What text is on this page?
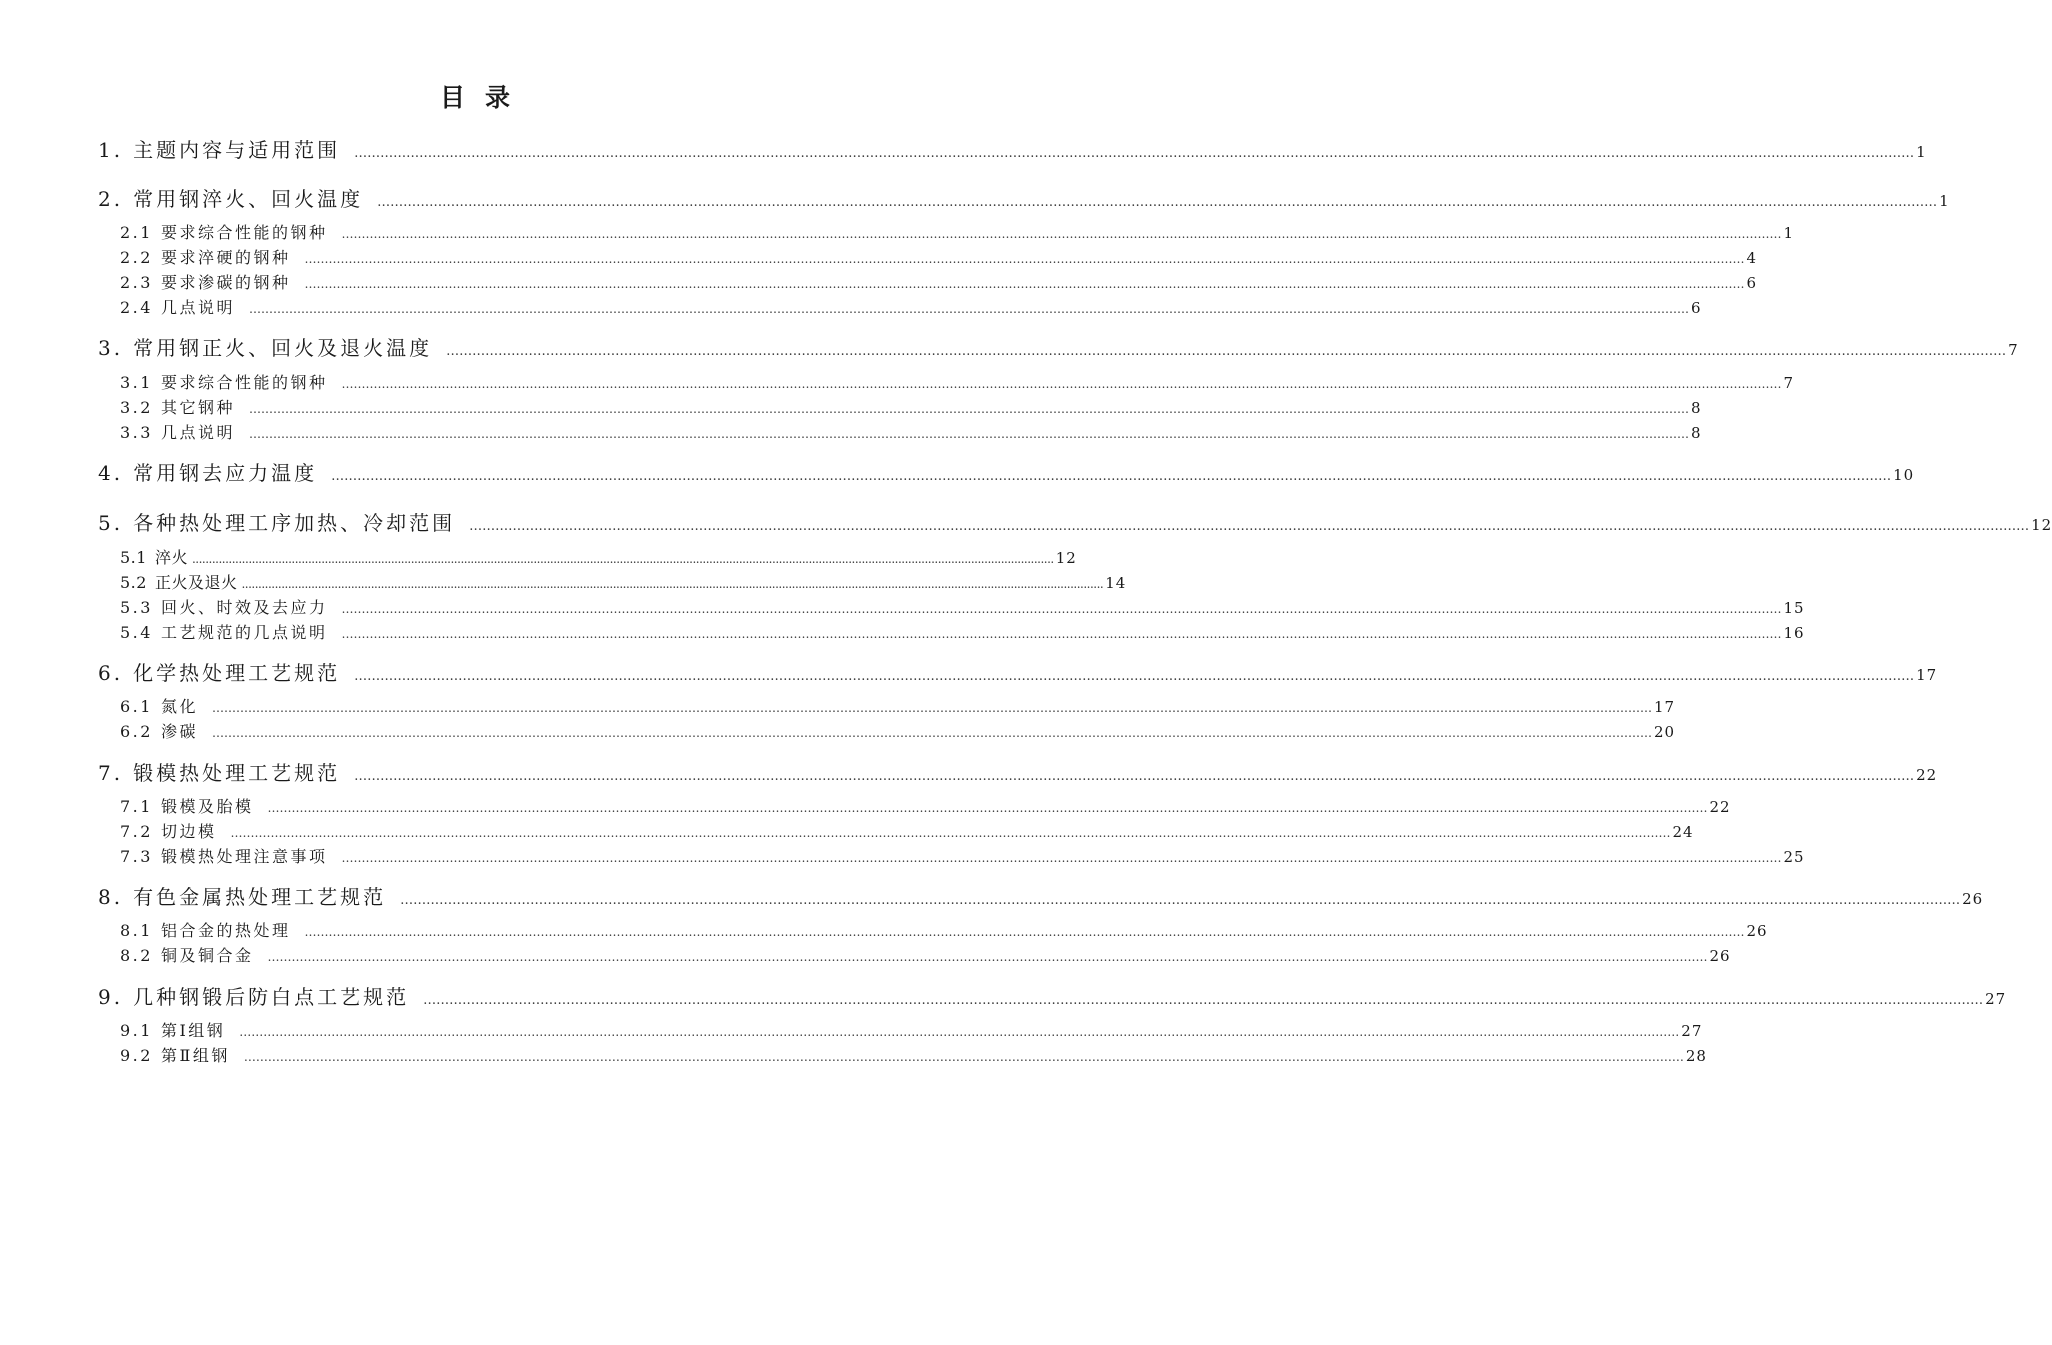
目录
1. 主题内容与适用范围 ……………………………………………………………………………………………………………………………………………………………………………………………………………………………………………………………………………………………………………………………… 1
2. 常用钢淬火、回火温度 ……………………………………………………………………………………………………………………………………………………………………………………………………………………………………………………………………………………………………………………………… 1
2.1 要求综合性能的钢种 ……………………………………………………………………………………………………………………………………………………………………………………………………………………………………………………………………………………………………………………………… 1
2.2 要求淬硬的钢种 ……………………………………………………………………………………………………………………………………………………………………………………………………………………………………………………………………………………………………………………………… 4
2.3 要求渗碳的钢种 ……………………………………………………………………………………………………………………………………………………………………………………………………………………………………………………………………………………………………………………………… 6
2.4 几点说明 ……………………………………………………………………………………………………………………………………………………………………………………………………………………………………………………………………………………………………………………………… 6
3. 常用钢正火、回火及退火温度 ……………………………………………………………………………………………………………………………………………………………………………………………………………………………………………………………………………………………………………………………… 7
3.1 要求综合性能的钢种 ……………………………………………………………………………………………………………………………………………………………………………………………………………………………………………………………………………………………………………………………… 7
3.2 其它钢种 ……………………………………………………………………………………………………………………………………………………………………………………………………………………………………………………………………………………………………………………………… 8
3.3 几点说明 ……………………………………………………………………………………………………………………………………………………………………………………………………………………………………………………………………………………………………………………………… 8
4. 常用钢去应力温度 ……………………………………………………………………………………………………………………………………………………………………………………………………………………………………………………………………………………………………………………………… 10
5. 各种热处理工序加热、冷却范围 ……………………………………………………………………………………………………………………………………………………………………………………………………………………………………………………………………………………………………………………………… 12
5.1 淬火 .................................................................................................................................................................................................................................................................... 12
5.2 正火及退火 .................................................................................................................................................................................................................................................................... 14
5.3 回火、时效及去应力 ……………………………………………………………………………………………………………………………………………………………………………………………………………………………………………………………………………………………………………………………… 15
5.4 工艺规范的几点说明 ……………………………………………………………………………………………………………………………………………………………………………………………………………………………………………………………………………………………………………………………… 16
6. 化学热处理工艺规范 ……………………………………………………………………………………………………………………………………………………………………………………………………………………………………………………………………………………………………………………………… 17
6.1 氮化 ……………………………………………………………………………………………………………………………………………………………………………………………………………………………………………………………………………………………………………………………… 17
6.2 渗碳 ……………………………………………………………………………………………………………………………………………………………………………………………………………………………………………………………………………………………………………………………… 20
7. 锻模热处理工艺规范 ……………………………………………………………………………………………………………………………………………………………………………………………………………………………………………………………………………………………………………………………… 22
7.1 锻模及胎模 ……………………………………………………………………………………………………………………………………………………………………………………………………………………………………………………………………………………………………………………………… 22
7.2 切边模 ……………………………………………………………………………………………………………………………………………………………………………………………………………………………………………………………………………………………………………………………… 24
7.3 锻模热处理注意事项 ……………………………………………………………………………………………………………………………………………………………………………………………………………………………………………………………………………………………………………………………… 25
8. 有色金属热处理工艺规范 ……………………………………………………………………………………………………………………………………………………………………………………………………………………………………………………………………………………………………………………………… 26
8.1 铝合金的热处理 ……………………………………………………………………………………………………………………………………………………………………………………………………………………………………………………………………………………………………………………………… 26
8.2 铜及铜合金 ……………………………………………………………………………………………………………………………………………………………………………………………………………………………………………………………………………………………………………………………… 26
9. 几种钢锻后防白点工艺规范 ……………………………………………………………………………………………………………………………………………………………………………………………………………………………………………………………………………………………………………………………… 27
9.1 第Ⅰ组钢 ……………………………………………………………………………………………………………………………………………………………………………………………………………………………………………………………………………………………………………………………… 27
9.2 第Ⅱ组钢 ……………………………………………………………………………………………………………………………………………………………………………………………………………………………………………………………………………………………………………………………… 28
